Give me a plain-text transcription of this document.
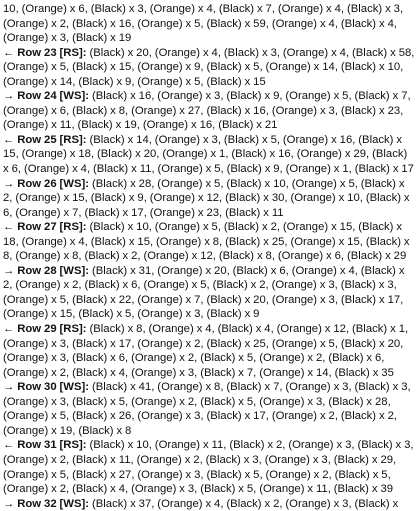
10, (Orange) x 6, (Black) x 3, (Orange) x 4, (Black) x 7, (Orange) x 4, (Black) x 3, (Orange) x 2, (Black) x 16, (Orange) x 5, (Black) x 59, (Orange) x 4, (Black) x 4, (Orange) x 3, (Black) x 19

← Row 23 [RS]: (Black) x 20, (Orange) x 4, (Black) x 3, (Orange) x 4, (Black) x 58, (Orange) x 5, (Black) x 15, (Orange) x 9, (Black) x 5, (Orange) x 14, (Black) x 10, (Orange) x 14, (Black) x 9, (Orange) x 5, (Black) x 15

→ Row 24 [WS]: (Black) x 16, (Orange) x 3, (Black) x 9, (Orange) x 5, (Black) x 7, (Orange) x 6, (Black) x 8, (Orange) x 27, (Black) x 16, (Orange) x 3, (Black) x 23, (Orange) x 11, (Black) x 19, (Orange) x 16, (Black) x 21

← Row 25 [RS]: (Black) x 14, (Orange) x 3, (Black) x 5, (Orange) x 16, (Black) x 15, (Orange) x 18, (Black) x 20, (Orange) x 1, (Black) x 16, (Orange) x 29, (Black) x 6, (Orange) x 4, (Black) x 11, (Orange) x 5, (Black) x 9, (Orange) x 1, (Black) x 17

→ Row 26 [WS]: (Black) x 28, (Orange) x 5, (Black) x 10, (Orange) x 5, (Black) x 2, (Orange) x 15, (Black) x 9, (Orange) x 12, (Black) x 30, (Orange) x 10, (Black) x 6, (Orange) x 7, (Black) x 17, (Orange) x 23, (Black) x 11

← Row 27 [RS]: (Black) x 10, (Orange) x 5, (Black) x 2, (Orange) x 15, (Black) x 18, (Orange) x 4, (Black) x 15, (Orange) x 8, (Black) x 25, (Orange) x 15, (Black) x 8, (Orange) x 8, (Black) x 2, (Orange) x 12, (Black) x 8, (Orange) x 6, (Black) x 29

→ Row 28 [WS]: (Black) x 31, (Orange) x 20, (Black) x 6, (Orange) x 4, (Black) x 2, (Orange) x 2, (Black) x 6, (Orange) x 5, (Black) x 2, (Orange) x 3, (Black) x 3, (Orange) x 5, (Black) x 22, (Orange) x 7, (Black) x 20, (Orange) x 3, (Black) x 17, (Orange) x 15, (Black) x 5, (Orange) x 3, (Black) x 9

← Row 29 [RS]: (Black) x 8, (Orange) x 4, (Black) x 4, (Orange) x 12, (Black) x 1, (Orange) x 3, (Black) x 17, (Orange) x 2, (Black) x 25, (Orange) x 5, (Black) x 20, (Orange) x 3, (Black) x 6, (Orange) x 2, (Black) x 5, (Orange) x 2, (Black) x 6, (Orange) x 2, (Black) x 4, (Orange) x 3, (Black) x 7, (Orange) x 14, (Black) x 35

→ Row 30 [WS]: (Black) x 41, (Orange) x 8, (Black) x 7, (Orange) x 3, (Black) x 3, (Orange) x 3, (Black) x 5, (Orange) x 2, (Black) x 5, (Orange) x 3, (Black) x 28, (Orange) x 5, (Black) x 26, (Orange) x 3, (Black) x 17, (Orange) x 2, (Black) x 2, (Orange) x 19, (Black) x 8

← Row 31 [RS]: (Black) x 10, (Orange) x 11, (Black) x 2, (Orange) x 3, (Black) x 3, (Orange) x 2, (Black) x 11, (Orange) x 2, (Black) x 3, (Orange) x 3, (Black) x 29, (Orange) x 5, (Black) x 27, (Orange) x 3, (Black) x 5, (Orange) x 2, (Black) x 5, (Orange) x 2, (Black) x 4, (Orange) x 3, (Black) x 5, (Orange) x 11, (Black) x 39

→ Row 32 [WS]: (Black) x 37, (Orange) x 4, (Black) x 2, (Orange) x 3, (Black) x
